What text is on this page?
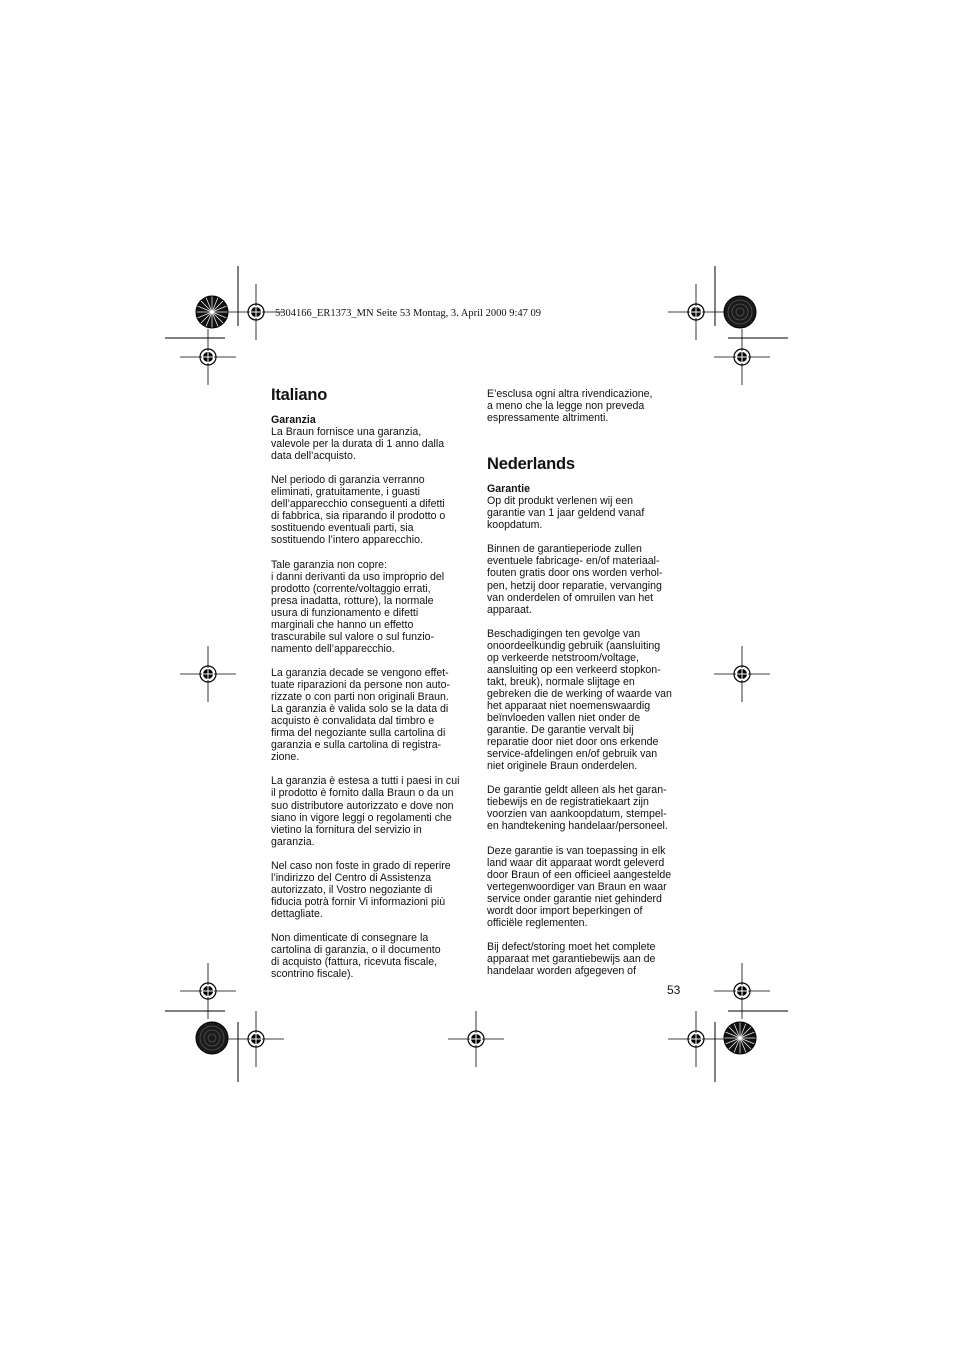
5304166_ER1373_MN Seite 53 Montag, 3. April 2000 9:47 09
Italiano
Garanzia

La Braun fornisce una garanzia,
valevole per la durata di 1 anno dalla
data dell’acquisto.

Nel periodo di garanzia verranno
eliminati, gratuitamente, i guasti
dell’apparecchio conseguenti a difetti
di fabbrica, sia riparando il prodotto o
sostituendo eventuali parti, sia
sostituendo l’intero apparecchio.

Tale garanzia non copre:
i danni derivanti da uso improprio del
prodotto (corrente/voltaggio errati,
presa inadatta, rotture), la normale
usura di funzionamento e difetti
marginali che hanno un effetto
trascurabile sul valore o sul funzio-
namento dell’apparecchio.

La garanzia decade se vengono effet-
tuate riparazioni da persone non auto-
rizzate o con parti non originali Braun.
La garanzia è valida solo se la data di
acquisto è convalidata dal timbro e
firma del negoziante sulla cartolina di
garanzia e sulla cartolina di registra-
zione.

La garanzia è estesa a tutti i paesi in cui
il prodotto è fornito dalla Braun o da un
suo distributore autorizzato e dove non
siano in vigore leggi o regolamenti che
vietino la fornitura del servizio in
garanzia.

Nel caso non foste in grado di reperire
l’indirizzo del Centro di Assistenza
autorizzato, il Vostro negoziante di
fiducia potrà fornir Vi informazioni più
dettagliate.

Non dimenticate di consegnare la
cartolina di garanzia, o il documento
di acquisto (fattura, ricevuta fiscale,
scontrino fiscale).

E’esclusa ogni altra rivendicazione,
a meno che la legge non preveda
espressamente altrimenti.

Nederlands
Garantie

Op dit produkt verlenen wij een
garantie van 1 jaar geldend vanaf
koopdatum.

Binnen de garantieperiode zullen
eventuele fabricage- en/of materiaal-
fouten gratis door ons worden verhol-
pen, hetzij door reparatie, vervanging
van onderdelen of omruilen van het
apparaat.

Beschadigingen ten gevolge van
onoordeelkundig gebruik (aansluiting
op verkeerde netstroom/voltage,
aansluiting op een verkeerd stopkon-
takt, breuk), normale slijtage en
gebreken die de werking of waarde van
het apparaat niet noemenswaardig
beïnvloeden vallen niet onder de
garantie. De garantie vervalt bij
reparatie door niet door ons erkende
service-afdelingen en/of gebruik van
niet originele Braun onderdelen.

De garantie geldt alleen als het garan-
tiebewijs en de registratiekaart zijn
voorzien van aankoopdatum, stempel-
en handtekening handelaar/personeel.

Deze garantie is van toepassing in elk
land waar dit apparaat wordt geleverd
door Braun of een officieel aangestelde
vertegenwoordiger van Braun en waar
service onder garantie niet gehinderd
wordt door import beperkingen of
officiële reglementen.

Bij defect/storing moet het complete
apparaat met garantiebewijs aan de
handelaar worden afgegeven of

53
